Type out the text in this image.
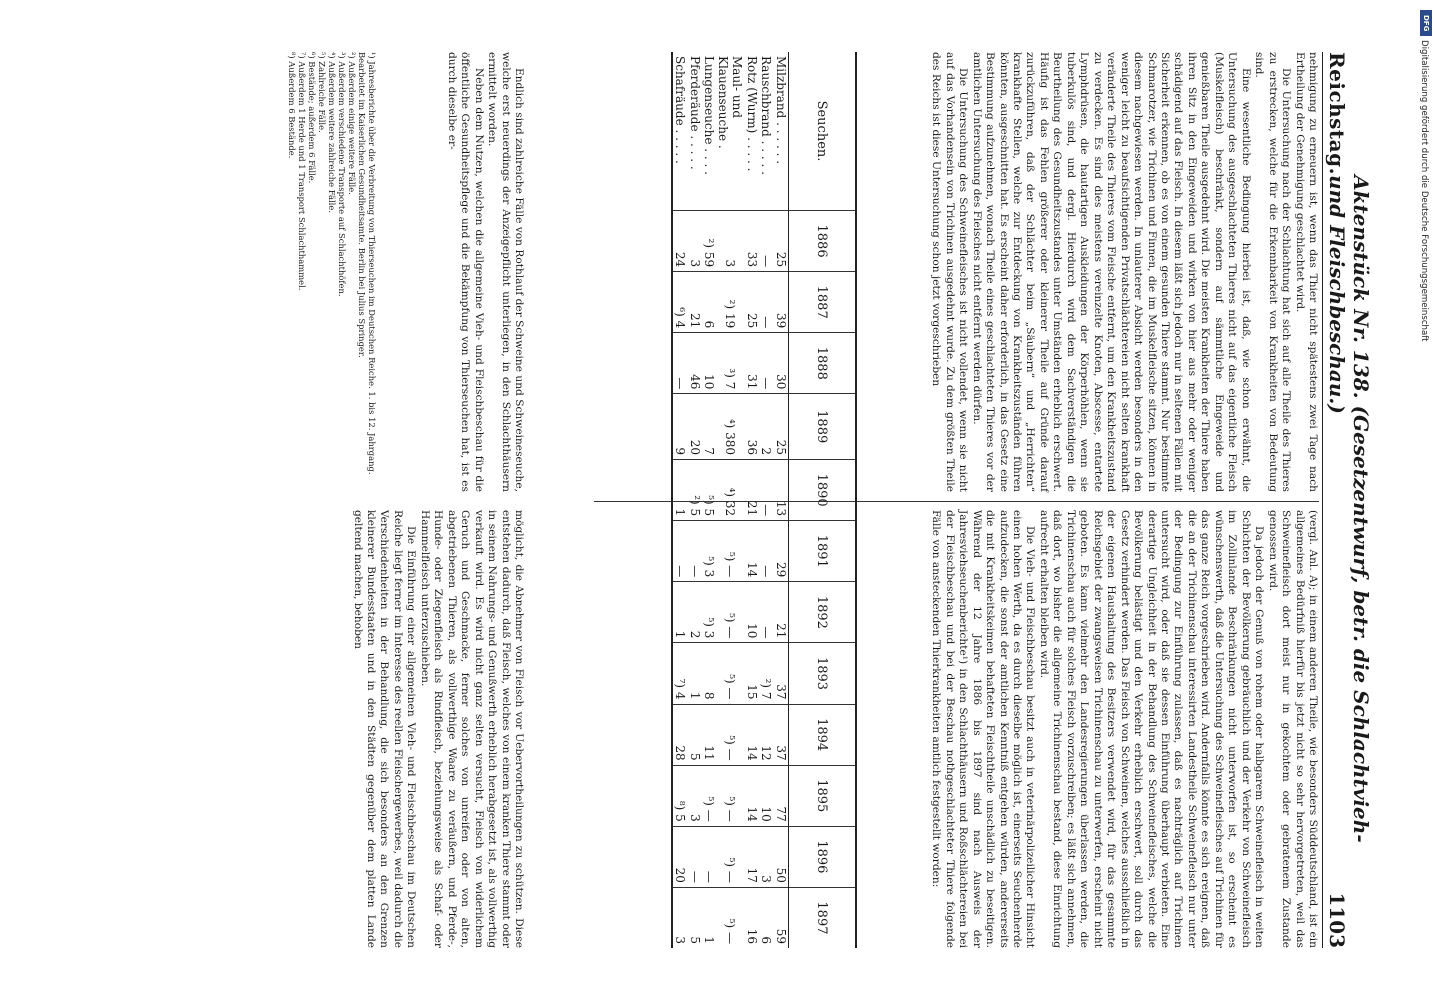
Reichstag.
Aktenstück Nr. 138. (Gesetzentwurf, betr. die Schlachtvieh- und Fleischbeschau.)
1103

nehmigung zu erneuern ist, wenn das Thier nicht spätestens zwei Tage nach Ertheilung der Genehmigung geschlachtet wird.

Die Untersuchung nach der Schlachtung hat sich auf alle Theile des Thieres zu erstrecken, welche für die Erkennbarkeit von Krankheiten von Bedeutung sind.

Eine wesentliche Bedingung hierbei ist, daß, wie schon erwähnt, die Untersuchung des ausgeschlachteten Thieres nicht auf das eigentliche Fleisch (Muskelfleisch) beschränkt, sondern auf sämmtliche Eingeweide und genießbaren Theile ausgedehnt wird. Die meisten Krankheiten der Thiere haben ihren Sitz in den Eingeweiden und wirken von hier aus mehr oder weniger schädigend auf das Fleisch. In diesem läßt sich jedoch nur in seltenen Fällen mit Sicherheit erkennen, ob es von einem gesunden Thiere stammt. Nur bestimmte Schmarotzer, wie Trichinen und Finnen, die im Muskelfleische sitzen, können in diesem nachgewiesen werden. In unlauterer Absicht werden besonders in den weniger leicht zu beaufsichtigenden Privatschlächtereien nicht selten krankhaft veränderte Theile des Thieres vom Fleische entfernt, um den Krankheitszustand zu verdecken. Es sind dies meistens vereinzelte Knoten, Abscesse, entartete Lymphdrüsen, die hautartigen Auskleidungen der Körperhöhlen, wenn sie tuberkulös sind, und dergl. Hierdurch wird dem Sachverständigen die Beurtheilung des Gesundheitszustandes unter Umständen erheblich erschwert. Häufig ist das Fehlen größerer oder kleinerer Theile auf Gründe darauf zurückzuführen, daß der Schlächter beim „Säubern“ und „Herrichten“ krankhafte Stellen, welche zur Entdeckung von Krankheitszuständen führen könnten, ausgeschnitten hat. Es erscheint daher erforderlich, in das Gesetz eine Bestimmung aufzunehmen, wonach Theile eines geschlachteten Thieres vor der amtlichen Untersuchung des Fleisches nicht entfernt werden dürfen.

Die Untersuchung des Schweinefleisches ist nicht vollendet, wenn sie nicht auf das Vorhandensein von Trichinen ausgedehnt wurde. Zu dem größten Theile des Reichs ist diese Untersuchung schon jetzt vorgeschrieben

(vergl. Anl. A); in einem anderen Theile, wie besonders Süddeutschland, ist ein allgemeines Bedürfniß hierfür bis jetzt nicht so sehr hervorgetreten, weil das Schweinefleisch dort meist nur in gekochtem oder gebratenem Zustande genossen wird.

Da jedoch der Genuß von rohem oder halbgarem Schweinefleisch in weiten Schichten der Bevölkerung gebräuchlich und der Verkehr von Schweinefleisch im Zollinlande Beschränkungen nicht unterworfen ist, so erscheint es wünschenswerth, daß die Untersuchung des Schweinefleisches auf Trichinen für das ganze Reich vorgeschrieben wird. Andernfalls könnte es sich ereignen, daß die an der Trichinenschau interessirten Landestheile Schweinefleisch nur unter der Bedingung zur Einführung zulassen, daß es nachträglich auf Trichinen untersucht wird, oder daß sie dessen Einführung überhaupt verbieten. Eine derartige Ungleichheit in der Behandlung des Schweinefleisches, welche die Bevölkerung belästigt und den Verkehr erheblich erschwert, soll durch das Gesetz verhindert werden. Das Fleisch von Schweinen, welches ausschließlich in der eigenen Haushaltung des Besitzers verwendet wird, für das gesammte Reichsgebiet der zwangsweisen Trichinenschau zu unterwerfen, erscheint nicht geboten. Es kann vielmehr den Landesregierungen überlassen werden, die Trichinenschau auch für solches Fleisch vorzuschreiben; es läßt sich annehmen, daß dort, wo bisher die allgemeine Trichinenschau bestand, diese Einrichtung aufrecht erhalten bleiben wird.

Die Vieh- und Fleischbeschau besitzt auch in veterinärpolizeilicher Hinsicht einen hohen Werth, da es durch dieselbe möglich ist, einerseits Seuchenherde aufzudecken, die sonst der amtlichen Kenntniß entgehen würden, andererseits die mit Krankheitskeimen behafteten Fleischtheile unschädlich zu beseitigen. Während der 12 Jahre 1886 bis 1897 sind nach Ausweis der Jahresviehseuchenberichte¹) in den Schlachthäusern und Roßschlächtereien bei der Fleischbeschau und bei der Beschau nothgeschlachteter Thiere folgende Fälle von ansteckenden Thierkrankheiten amtlich festgestellt worden:

Seuchen.	1886	1887	1888	1889	1890	1891	1892	1893	1894	1895	1896	1897
Milzbrand . . . . . .	25	39	30	25	13	29	21	37	37	77	50	59
Rauschbrand . . . . .	—	—	—	2	—	—	—	²) 7	12	10	3	6
Rotz (Wurm) . . . . .	33	25	31	36	21	14	10	15	14	14	17	16
Maul- und Klauenseuche .	3	²) 19	³) 7	⁴) 380	⁴) 32	⁵) —	⁵) —	⁵) —	⁵) —	⁵) —	⁵) —	⁵) —
Lungenseuche . . . .	²) 59	6	10	7	⁵) 5	⁵) 3	⁵) 3	8	11	⁵) —	—	1
Pferderäude . . . . .	3	21	46	20	²) 5	—	2	1	5	3	—	5
Schafräude . . . . .	24	⁶) 4	—	9	1	—	1	⁷) 4	28	⁸) 5	20	3

Endlich sind zahlreiche Fälle von Rothlauf der Schweine und Schweineseuche, welche erst neuerdings der Anzeigepflicht unterliegen, in den Schlachthäusern ermittelt worden.

Neben dem Nutzen, welchen die allgemeine Vieh- und Fleischbeschau für die öffentliche Gesundheitspflege und die Bekämpfung von Thierseuchen hat, ist es durch dieselbe er-

möglicht, die Abnehmer von Fleisch vor Uebervortheilungen zu schützen. Diese entstehen dadurch, daß Fleisch, welches von einem kranken Thiere stammt oder in seinem Nahrungs- und Genußwerth erheblich herabgesetzt ist, als vollwerthig verkauft wird. Es wird nicht ganz selten versucht, Fleisch von widerlichem Geruch und Geschmacke, ferner solches von unreifen oder von alten, abgetriebenen Thieren, als vollwerthige Waare zu veräußern, und Pferde-, Hunde- oder Ziegenfleisch als Rindfleisch, beziehungsweise als Schaf- oder Hammelfleisch unterzuschieben.

Die Einführung einer allgemeinen Vieh- und Fleischbeschau im Deutschen Reiche liegt ferner im Interesse des reellen Fleischergewerbes, weil dadurch die Verschiedenheiten in der Behandlung, die sich besonders an den Grenzen kleinerer Bundesstaaten und in den Städten gegenüber dem platten Lande geltend machen, behoben

¹) Jahresberichte über die Verbreitung von Thierseuchen im Deutschen Reiche. 1. bis 12. Jahrgang. Bearbeitet im Kaiserlichen Gesundheitsamte. Berlin bei Julius Springer.
²) Außerdem einige weitere Fälle.
³) Außerdem verschiedene Transporte auf Schlachthöfen.
⁴) Außerdem weitere zahlreiche Fälle.
⁵) Zahlreiche Fälle.
⁶) Bestände; außerdem 6 Fälle.
⁷) Außerdem 1 Herde und 1 Transport Schlachthammel.
⁸) Außerdem 6 Bestände.
DFG
Digitalisierung gefördert durch die Deutsche Forschungsgemeinschaft
